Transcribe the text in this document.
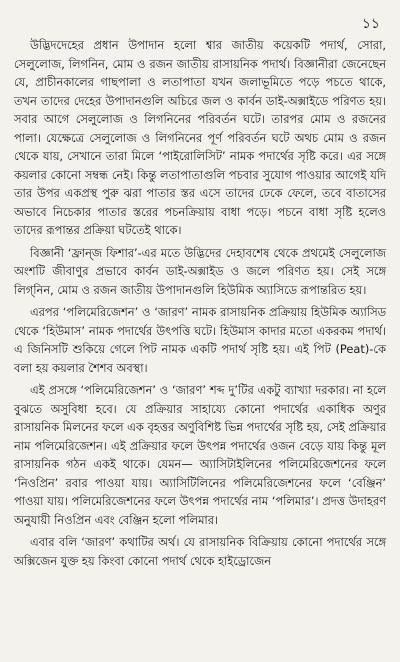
১১

উদ্ভিদদেহের প্রধান উপাদান হলো শ্বার জাতীয় কয়েকটি পদার্থ, সোরা, সেলুলোজ, লিগনিন, মোম ও রজন জাতীয় রাসায়নিক পদার্থ। বিজ্ঞানীরা জেনেছেন যে, প্রাচীনকালের গাছপালা ও লতাপাতা যখন জলাভূমিতে পড়ে পচতে থাকে, তখন তাদের দেহের উপাদানগুলি অচিরে জল ও কার্বন ডাই-অক্সাইডে পরিণত হয়। সবার আগে সেলুলোজ ও লিগনিনের পরিবর্তন ঘটে। তারপর মোম ও রজনের পালা। যেক্ষেত্রে সেলুলোজ ও লিগনিনের পূর্ণ পরিবর্তন ঘটে অথচ মোম ও রজন থেকে যায়, সেখানে তারা মিলে ‘পাইরোলিসিট’ নামক পদার্থের সৃষ্টি করে। এর সঙ্গে কয়লার কোনো সম্বন্ধ নেই। কিন্তু লতাপাতাগুলি পচবার সুযোগ পাওয়ার আগেই যদি তার উপর একপ্রস্থ পুরু ঝরা পাতার স্তর এসে তাদের ঢেকে ফেলে, তবে বাতাসের অভাবে নিচেকার পাতার স্তরের পচনক্রিয়ায় বাধা পড়ে। পচনে বাধা সৃষ্টি হলেও তাদের রূপান্তর প্রক্রিয়া ঘটতেই থাকে।

বিজ্ঞানী ‘ফ্রান্‌জ ফিশার’-এর মতে উদ্ভিদের দেহাবশেষ থেকে প্রথমেই সেলুলোজ অংশটি জীবাণুর প্রভাবে কার্বন ডাই-অক্সাইড ও জলে পরিণত হয়। সেই সঙ্গে লিগ্‌নিন, মোম ও রজন জাতীয় উপাদানগুলি হিউমিক অ্যাসিডে রূপান্তরিত হয়।

এরপর ‘পলিমেরিজেশন’ ও ‘জারণ’ নামক রাসায়নিক প্রক্রিয়ায় হিউমিক অ্যাসিড থেকে ‘হিউমাস’ নামক পদার্থের উৎপত্তি ঘটে। হিউমাস কাদার মতো একরকম পদার্থ। এ জিনিসটি শুকিয়ে গেলে পিট নামক একটি পদার্থ সৃষ্টি হয়। এই পিট (Peat)-কে বলা হয় কয়লার শৈশব অবস্থা।

এই প্রসঙ্গে ‘পলিমেরিজেশন’ ও ‘জারণ’ শব্দ দু’টির একটু ব্যাখ্যা দরকার। না হলে বুঝতে অসুবিধা হবে। যে প্রক্রিয়ার সাহায্যে কোনো পদার্থের একাধিক অণুর রাসায়নিক মিলনের ফলে এক বৃহত্তর অণুবিশিষ্ট ভিন্ন পদার্থের সৃষ্টি হয়, সেই প্রক্রিয়ার নাম পলিমেরিজেশন। এই প্রক্রিয়ার ফলে উৎপন্ন পদার্থের ওজন বেড়ে যায় কিন্তু মূল রাসায়নিক গঠন একই থাকে। যেমন— অ্যাসিটাইলিনের পলিমেরিজেশনের ফলে ‘নিওপ্রিন’ রবার পাওয়া যায়। অ্যাসিটিলিনের পলিমেরিজেশনের ফলে ‘বেঞ্জিন’ পাওয়া যায়। পলিমেরিজেশনের ফলে উৎপন্ন পদার্থের নাম ‘পলিমার’। প্রদত্ত উদাহরণ অনুযায়ী নিওপ্রিন এবং বেঞ্জিন হলো পলিমার।

এবার বলি ‘জারণ’ কথাটির অর্থ। যে রাসায়নিক বিক্রিয়ায় কোনো পদার্থের সঙ্গে অক্সিজেন যুক্ত হয় কিংবা কোনো পদার্থ থেকে হাইড্রোজেন
